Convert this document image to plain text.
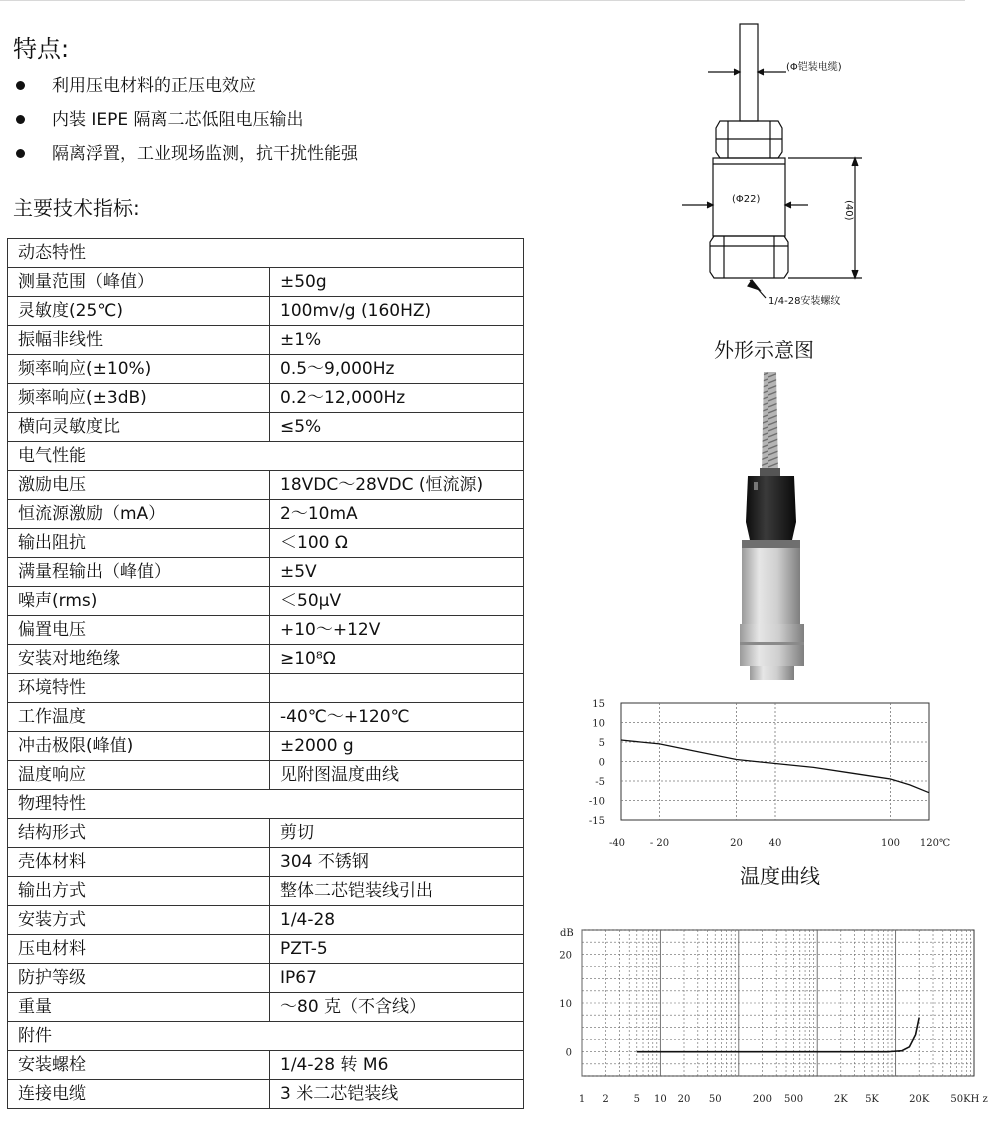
特点:
利用压电材料的正压电效应
内装 IEPE 隔离二芯低阻电压输出
隔离浮置，工业现场监测，抗干扰性能强
主要技术指标:
动态特性	
测量范围（峰值）	±50g
灵敏度(25℃)	100mv/g (160HZ)
振幅非线性	±1%
频率响应(±10%)	0.5～9,000Hz
频率响应(±3dB)	0.2～12,000Hz
横向灵敏度比	≤5%
电气性能	
激励电压	18VDC～28VDC (恒流源)
恒流源激励（mA）	2～10mA
输出阻抗	＜100 Ω
满量程输出（峰值）	±5V
噪声(rms)	＜50μV
偏置电压	+10～+12V
安装对地绝缘	≥10⁸Ω
环境特性	
工作温度	-40℃～+120℃
冲击极限(峰值)	±2000 g
温度响应	见附图温度曲线
物理特性	
结构形式	剪切
壳体材料	304 不锈钢
输出方式	整体二芯铠装线引出
安装方式	1/4-28
压电材料	PZT-5
防护等级	IP67
重量	～80 克（不含线）
附件	
安装螺栓	1/4-28 转 M6
连接电缆	3 米二芯铠装线
(Φ铠装电缆)
(Φ22)
(40)
1/4-28安装螺纹
外形示意图
15
10
5
0
-5
-10
-15
-40 - 20	20	40	100 120℃
温度曲线
dB
20
10
0
1 2 5 10 20 50	200 500	2K 5K	20K 50KH z
